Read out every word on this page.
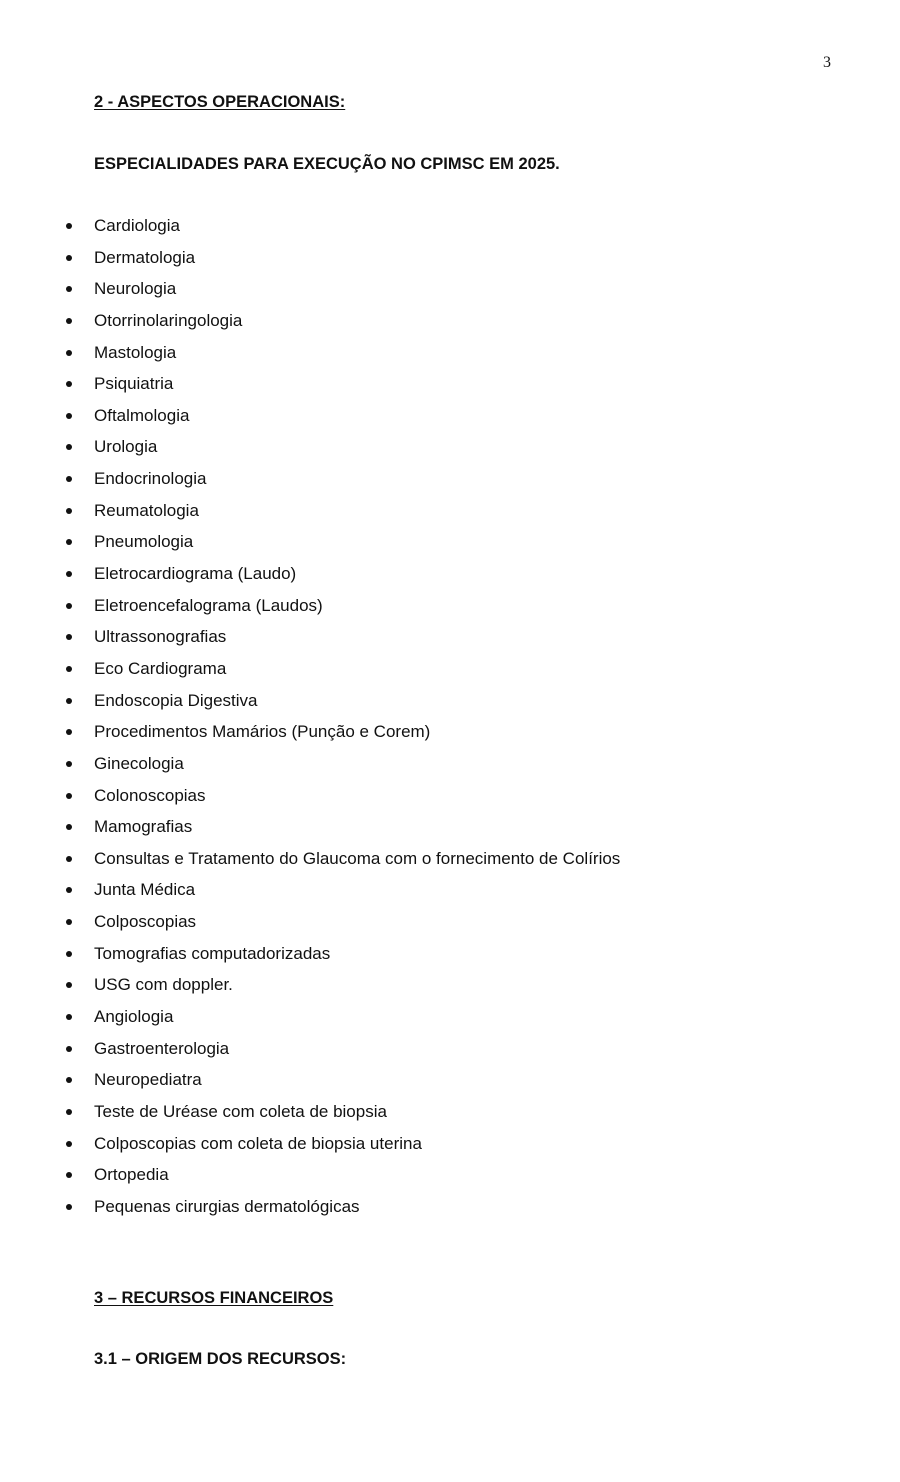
3
2 - ASPECTOS OPERACIONAIS:
ESPECIALIDADES PARA EXECUÇÃO NO CPIMSC EM 2025.
Cardiologia
Dermatologia
Neurologia
Otorrinolaringologia
Mastologia
Psiquiatria
Oftalmologia
Urologia
Endocrinologia
Reumatologia
Pneumologia
Eletrocardiograma (Laudo)
Eletroencefalograma (Laudos)
Ultrassonografias
Eco Cardiograma
Endoscopia Digestiva
Procedimentos Mamários (Punção e Corem)
Ginecologia
Colonoscopias
Mamografias
Consultas e Tratamento do Glaucoma com o fornecimento de Colírios
Junta Médica
Colposcopias
Tomografias computadorizadas
USG com doppler.
Angiologia
Gastroenterologia
Neuropediatra
Teste de Uréase com coleta de biopsia
Colposcopias com coleta de biopsia uterina
Ortopedia
Pequenas cirurgias dermatológicas
3 – RECURSOS FINANCEIROS
3.1 – ORIGEM DOS RECURSOS:
